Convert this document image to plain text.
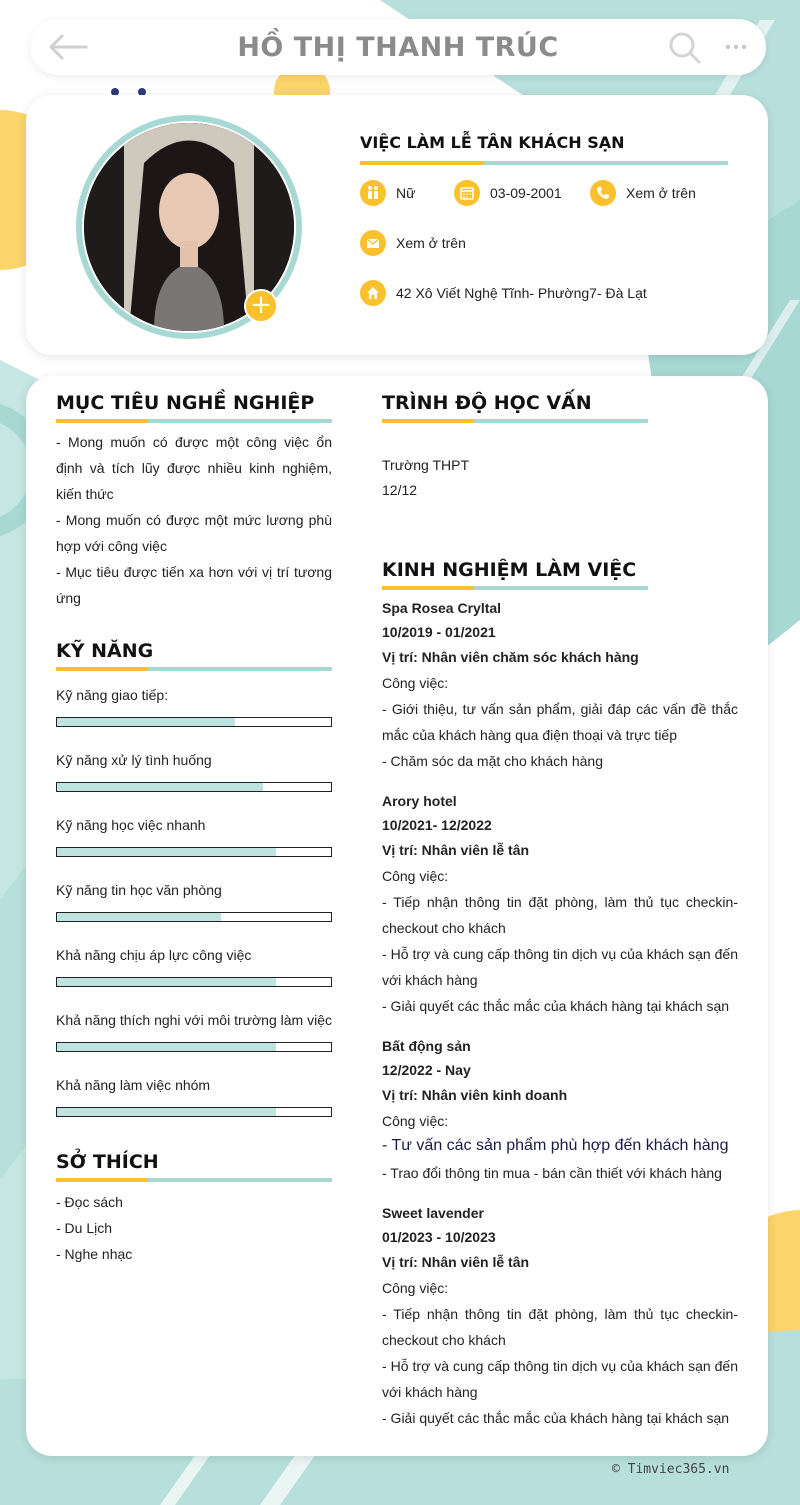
HỒ THỊ THANH TRÚC
+
VIỆC LÀM LỄ TÂN KHÁCH SẠN
Nữ	03-09-2001	Xem ở trên
Xem ở trên
42 Xô Viết Nghệ Tĩnh- Phường7- Đà Lạt
MỤC TIÊU NGHỀ NGHIỆP
- Mong muốn có được một công việc ổn định và tích lũy được nhiều kinh nghiệm, kiến thức
- Mong muốn có được một mức lương phù hợp với công việc
- Mục tiêu được tiến xa hơn với vị trí tương ứng
KỸ NĂNG
Kỹ năng giao tiếp:
Kỹ năng xử lý tình huống
Kỹ năng học việc nhanh
Kỹ năng tin học văn phòng
Khả năng chịu áp lực công việc
Khả năng thích nghi với môi trường làm việc
Khả năng làm việc nhóm
SỞ THÍCH
- Đọc sách
- Du Lịch
- Nghe nhạc
TRÌNH ĐỘ HỌC VẤN
Trường THPT
12/12
KINH NGHIỆM LÀM VIỆC
Spa Rosea Cryltal
10/2019 - 01/2021
Vị trí: Nhân viên chăm sóc khách hàng
Công việc:
- Giới thiệu, tư vấn sản phẩm, giải đáp các vấn đề thắc mắc của khách hàng qua điện thoại và trực tiếp
- Chăm sóc da mặt cho khách hàng
Arory hotel
10/2021- 12/2022
Vị trí: Nhân viên lễ tân
Công việc:
- Tiếp nhận thông tin đặt phòng, làm thủ tục checkin-checkout cho khách
- Hỗ trợ và cung cấp thông tin dịch vụ của khách sạn đến với khách hàng
- Giải quyết các thắc mắc của khách hàng tại khách sạn
Bất động sản
12/2022 - Nay
Vị trí: Nhân viên kinh doanh
Công việc:
- Tư vấn các sản phẩm phù hợp đến khách hàng
- Trao đổi thông tin mua - bán cần thiết với khách hàng
Sweet lavender
01/2023 - 10/2023
Vị trí: Nhân viên lễ tân
Công việc:
- Tiếp nhận thông tin đặt phòng, làm thủ tục checkin-checkout cho khách
- Hỗ trợ và cung cấp thông tin dịch vụ của khách sạn đến với khách hàng
- Giải quyết các thắc mắc của khách hàng tại khách sạn
© Timviec365.vn
